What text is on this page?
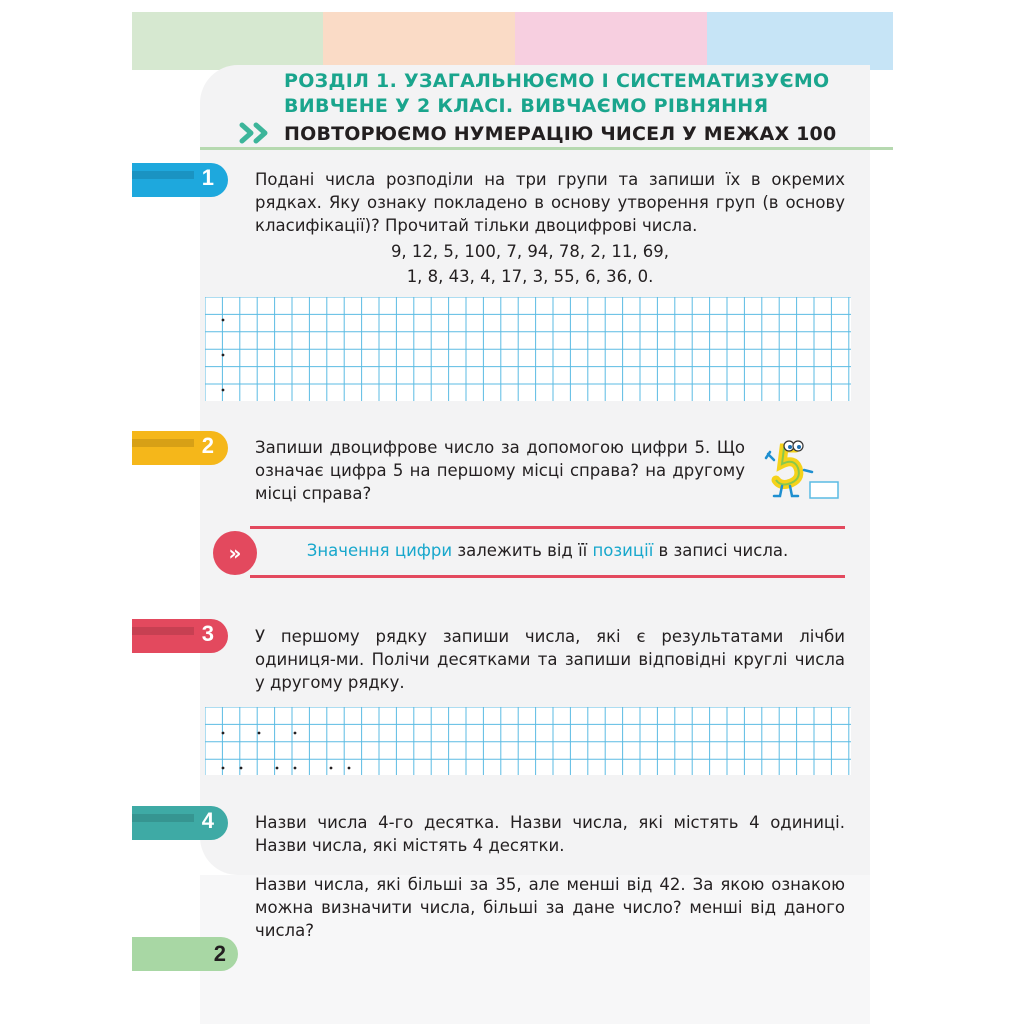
РОЗДІЛ 1. УЗАГАЛЬНЮЄМО І СИСТЕМАТИЗУЄМО
ВИВЧЕНЕ У 2 КЛАСІ. ВИВЧАЄМО РІВНЯННЯ
ПОВТОРЮЄМО НУМЕРАЦІЮ ЧИСЕЛ У МЕЖАХ 100
1 Подані числа розподіли на три групи та запиши їх в окремих рядках. Яку ознаку покладено в основу утворення груп (в основу класифікації)? Прочитай тільки двоцифрові числа.
9, 12, 5, 100, 7, 94, 78, 2, 11, 69,
1, 8, 43, 4, 17, 3, 55, 6, 36, 0.
2 Запиши двоцифрове число за допомогою цифри 5. Що означає цифра 5 на першому місці справа? на другому місці справа?
Значення цифри залежить від її позиції в записі числа.
»
3 У першому рядку запиши числа, які є результатами лічби одиниця-ми. Полічи десятками та запиши відповідні круглі числа у другому рядку.
4 Назви числа 4-го десятка. Назви числа, які містять 4 одиниці. Назви числа, які містять 4 десятки.
Назви числа, які більші за 35, але менші від 42. За якою ознакою можна визначити числа, більші за дане число? менші від даного числа?
2
